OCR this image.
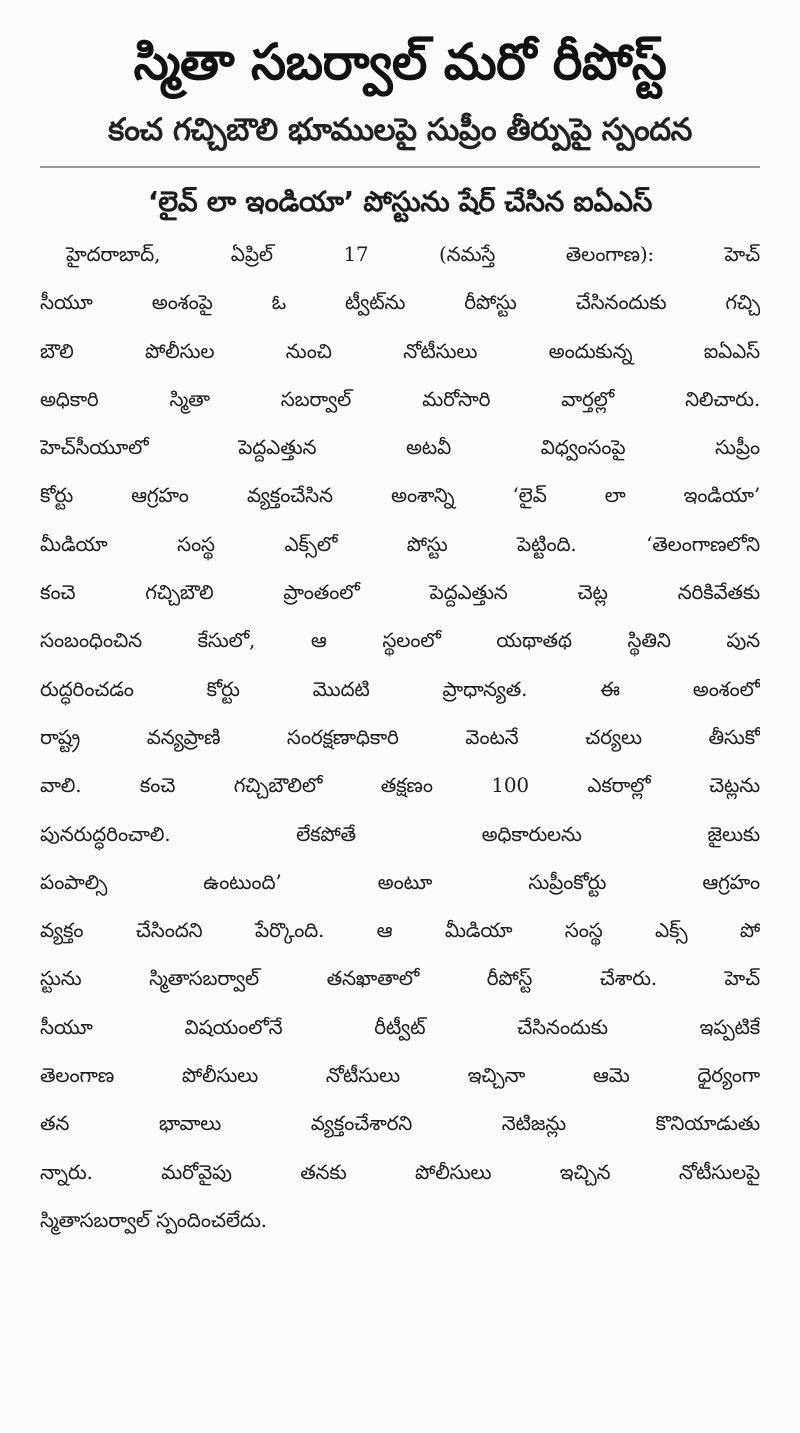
స్మితా సబర్వాల్ మరో రీపోస్ట్
కంచ గచ్చిబౌలి భూములపై సుప్రీం తీర్పుపై స్పందన
‘లైవ్ లా ఇండియా’ పోస్టును షేర్ చేసిన ఐఏఎస్
హైదరాబాద్, ఏప్రిల్ 17 (నమస్తే తెలంగాణ): హెచ్
సీయూ అంశంపై ఓ ట్వీట్‌ను రీపోస్టు చేసినందుకు గచ్చి
బౌలి పోలీసుల నుంచి నోటీసులు అందుకున్న ఐఏఎస్
అధికారి స్మితా సబర్వాల్ మరోసారి వార్తల్లో నిలిచారు.
హెచ్‌సీయూలో పెద్దఎత్తున అటవీ విధ్వంసంపై సుప్రీం
కోర్టు ఆగ్రహం వ్యక్తంచేసిన అంశాన్ని ‘లైవ్ లా ఇండియా’
మీడియా సంస్థ ఎక్స్‌లో పోస్టు పెట్టింది. ‘తెలంగాణలోని
కంచె గచ్చిబౌలి ప్రాంతంలో పెద్దఎత్తున చెట్ల నరికివేతకు
సంబంధించిన కేసులో, ఆ స్థలంలో యథాతథ స్థితిని పున
రుద్ధరించడం కోర్టు మొదటి ప్రాధాన్యత. ఈ అంశంలో
రాష్ట్ర వన్యప్రాణి సంరక్షణాధికారి వెంటనే చర్యలు తీసుకో
వాలి. కంచె గచ్చిబౌలిలో తక్షణం 100 ఎకరాల్లో చెట్లను
పునరుద్ధరించాలి. లేకపోతే అధికారులను జైలుకు
పంపాల్సి ఉంటుంది’ అంటూ సుప్రీంకోర్టు ఆగ్రహం
వ్యక్తం చేసిందని పేర్కొంది. ఆ మీడియా సంస్థ ఎక్స్ పో
స్టును స్మితాసబర్వాల్ తనఖాతాలో రీపోస్ట్ చేశారు. హెచ్
సీయూ విషయంలోనే రీట్వీట్ చేసినందుకు ఇప్పటికే
తెలంగాణ పోలీసులు నోటీసులు ఇచ్చినా ఆమె ధైర్యంగా
తన భావాలు వ్యక్తంచేశారని నెటిజన్లు కొనియాడుతు
న్నారు. మరోవైపు తనకు పోలీసులు ఇచ్చిన నోటీసులపై
స్మితాసబర్వాల్ స్పందించలేదు.
